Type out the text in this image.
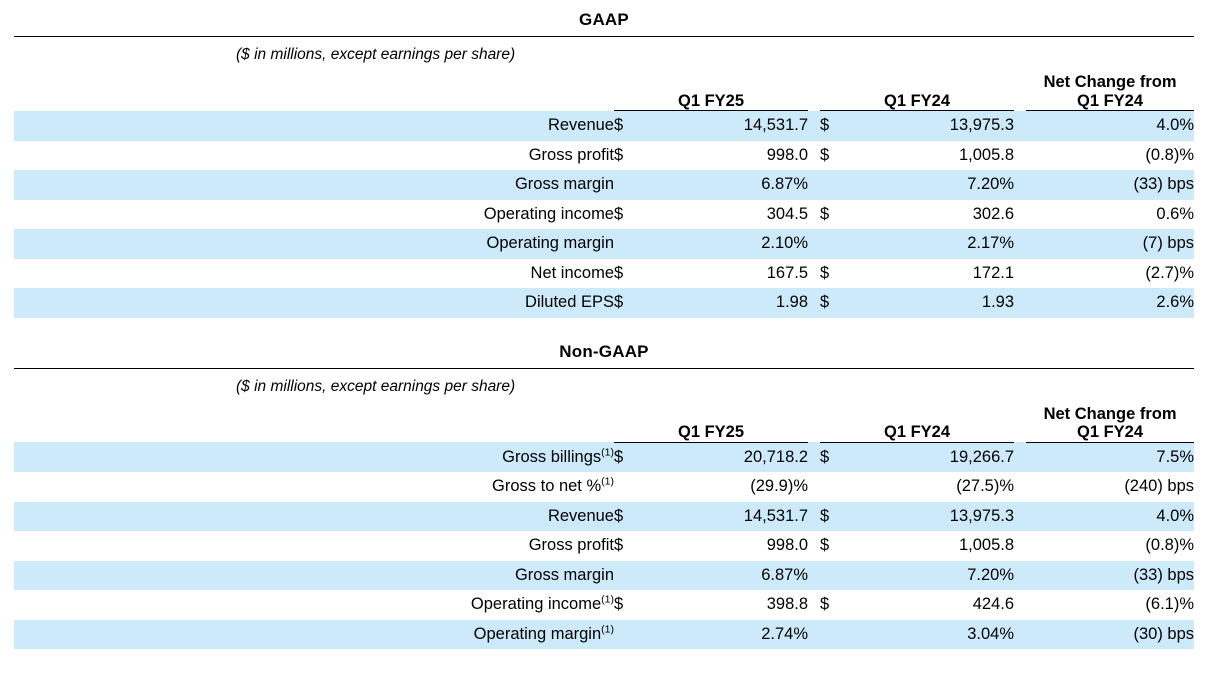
GAAP
($ in millions, except earnings per share)
	Q1 FY25			Q1 FY24			Net Change from
Q1 FY24
Revenue	$	14,531.7		$	13,975.3		4.0%
Gross profit	$	998.0		$	1,005.8		(0.8)%
Gross margin		6.87%			7.20%		(33) bps
Operating income	$	304.5		$	302.6		0.6%
Operating margin		2.10%			2.17%		(7) bps
Net income	$	167.5		$	172.1		(2.7)%
Diluted EPS	$	1.98		$	1.93		2.6%
Non-GAAP
($ in millions, except earnings per share)
	Q1 FY25			Q1 FY24			Net Change from
Q1 FY24
Gross billings$^{(1)}$	$	20,718.2		$	19,266.7		7.5%
Gross to net %$^{(1)}$		(29.9)%			(27.5)%		(240) bps
Revenue	$	14,531.7		$	13,975.3		4.0%
Gross profit	$	998.0		$	1,005.8		(0.8)%
Gross margin		6.87%			7.20%		(33) bps
Operating income$^{(1)}$	$	398.8		$	424.6		(6.1)%
Operating margin$^{(1)}$		2.74%			3.04%		(30) bps
